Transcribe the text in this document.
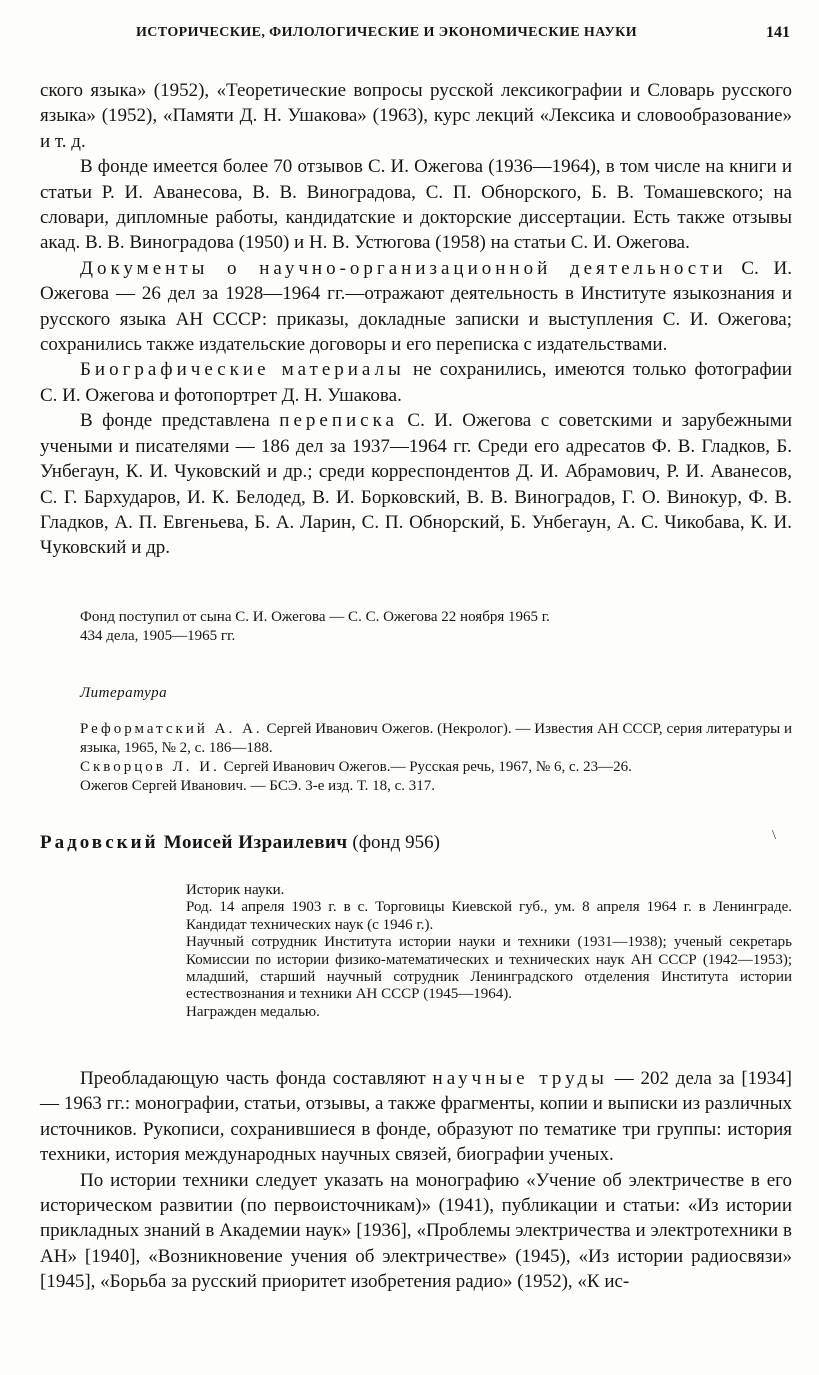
ИСТОРИЧЕСКИЕ, ФИЛОЛОГИЧЕСКИЕ И ЭКОНОМИЧЕСКИЕ НАУКИ	141

ского языка» (1952), «Теоретические вопросы русской лексикографии и Словарь русского языка» (1952), «Памяти Д. Н. Ушакова» (1963), курс лекций «Лексика и словообразование» и т. д.

В фонде имеется более 70 отзывов С. И. Ожегова (1936—1964), в том числе на книги и статьи Р. И. Аванесова, В. В. Виноградова, С. П. Обнорского, Б. В. Томашевского; на словари, дипломные работы, кандидатские и докторские диссертации. Есть также отзывы акад. В. В. Виноградова (1950) и Н. В. Устюгова (1958) на статьи С. И. Ожегова.

Документы о научно-организационной деятельности С. И. Ожегова — 26 дел за 1928—1964 гг.—отражают деятельность в Институте языкознания и русского языка АН СССР: приказы, докладные записки и выступления С. И. Ожегова; сохранились также издательские договоры и его переписка с издательствами.

Биографические материалы не сохранились, имеются только фотографии С. И. Ожегова и фотопортрет Д. Н. Ушакова.

В фонде представлена переписка С. И. Ожегова с советскими и зарубежными учеными и писателями — 186 дел за 1937—1964 гг. Среди его адресатов Ф. В. Гладков, Б. Унбегаун, К. И. Чуковский и др.; среди корреспондентов Д. И. Абрамович, Р. И. Аванесов, С. Г. Бархударов, И. К. Белодед, В. И. Борковский, В. В. Виноградов, Г. О. Винокур, Ф. В. Гладков, А. П. Евгеньева, Б. А. Ларин, С. П. Обнорский, Б. Унбегаун, А. С. Чикобава, К. И. Чуковский и др.

Фонд поступил от сына С. И. Ожегова — С. С. Ожегова 22 ноября 1965 г.

434 дела, 1905—1965 гг.

Литература

Реформатский А. А. Сергей Иванович Ожегов. (Некролог). — Известия АН СССР, серия литературы и языка, 1965, № 2, с. 186—188.

Скворцов Л. И. Сергей Иванович Ожегов.— Русская речь, 1967, № 6, с. 23—26.

Ожегов Сергей Иванович. — БСЭ. 3-е изд. Т. 18, с. 317.

Радовский Моисей Израилевич (фонд 956)

Историк науки.

Род. 14 апреля 1903 г. в с. Торговицы Киевской губ., ум. 8 апреля 1964 г. в Ленинграде. Кандидат технических наук (с 1946 г.).

Научный сотрудник Института истории науки и техники (1931—1938); ученый секретарь Комиссии по истории физико-математических и технических наук АН СССР (1942—1953); младший, старший научный сотрудник Ленинградского отделения Института истории естествознания и техники АН СССР (1945—1964).

Награжден медалью.

Преобладающую часть фонда составляют научные труды — 202 дела за [1934] — 1963 гг.: монографии, статьи, отзывы, а также фрагменты, копии и выписки из различных источников. Рукописи, сохранившиеся в фонде, образуют по тематике три группы: история техники, история международных научных связей, биографии ученых.

По истории техники следует указать на монографию «Учение об электричестве в его историческом развитии (по первоисточникам)» (1941), публикации и статьи: «Из истории прикладных знаний в Академии наук» [1936], «Проблемы электричества и электротехники в АН» [1940], «Возникновение учения об электричестве» (1945), «Из истории радиосвязи» [1945], «Борьба за русский приоритет изобретения радио» (1952), «К ис-

\
